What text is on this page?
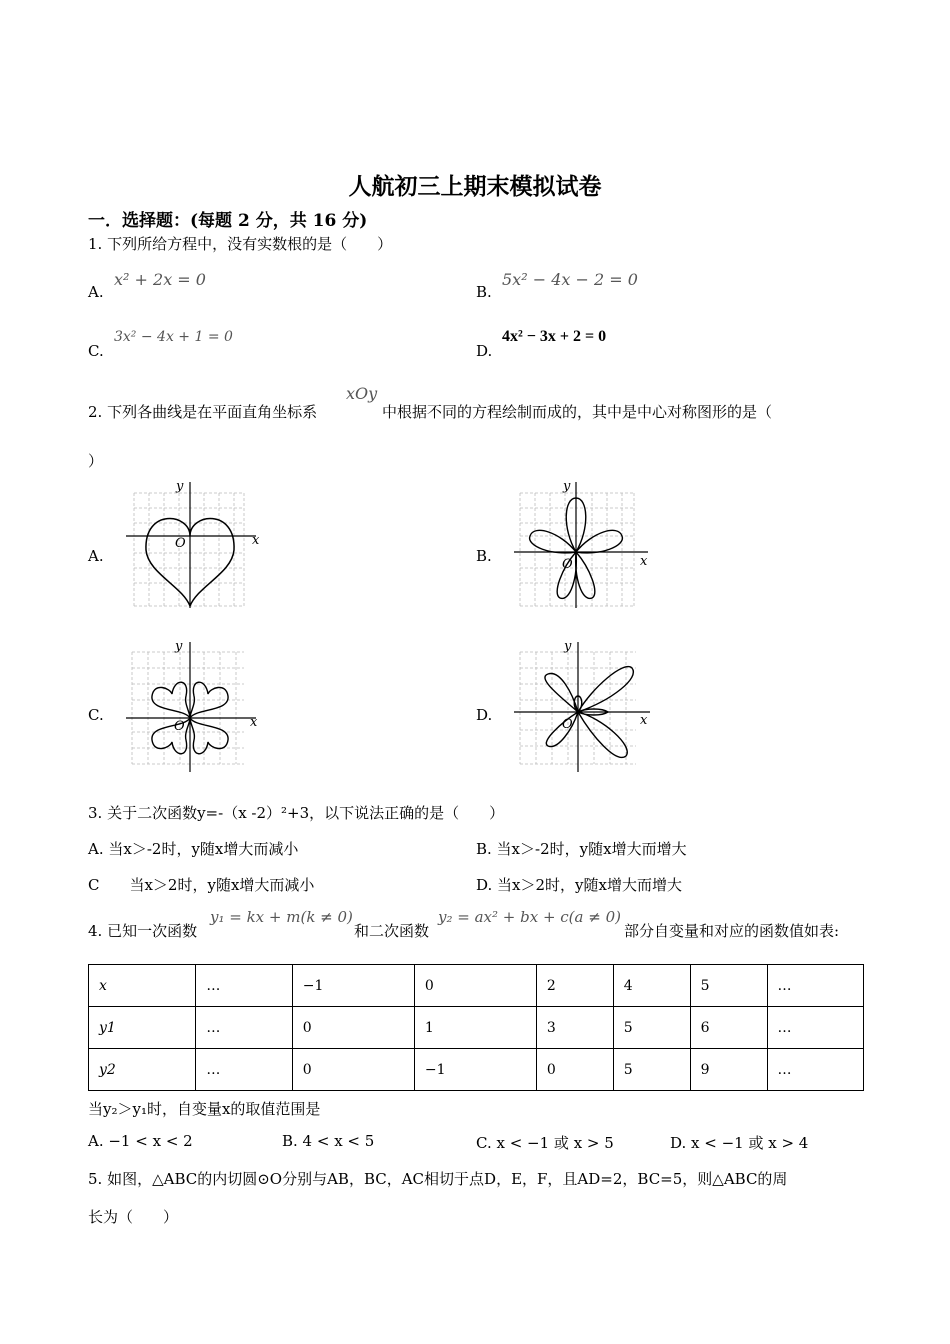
人航初三上期末模拟试卷
一．选择题：(每题 2 分，共 16 分)
1. 下列所给方程中，没有实数根的是（　　）
A.
x² + 2x = 0
B.
5x² − 4x − 2 = 0
C.
3x² − 4x + 1 = 0
D.
4x² − 3x + 2 = 0
2. 下列各曲线是在平面直角坐标系
xOy
中根据不同的方程绘制而成的，其中是中心对称图形的是（
）
A.	B.
C.	D.
x
y
O
x
y
O
x
y
O	x
y
O
3. 关于二次函数y=-（x -2）²+3，以下说法正确的是（　　）
A. 当x＞-2时，y随x增大而减小	B. 当x＞-2时，y随x增大而增大
C　　当x＞2时，y随x增大而减小	D. 当x＞2时，y随x增大而增大
4. 已知一次函数
y₁ = kx + m(k ≠ 0)
和二次函数
y₂ = ax² + bx + c(a ≠ 0)
部分自变量和对应的函数值如表:
x	…	−1	0	2	4	5	…
y1	…	0	1	3	5	6	…
y2	…	0	−1	0	5	9	…
当y₂＞y₁时，自变量x的取值范围是
A. −1 < x < 2	B. 4 < x < 5	C. x < −1 或 x > 5	D. x < −1 或 x > 4
5. 如图，△ABC的内切圆⊙O分别与AB，BC，AC相切于点D，E，F，且AD=2，BC=5，则△ABC的周
长为（　　）
